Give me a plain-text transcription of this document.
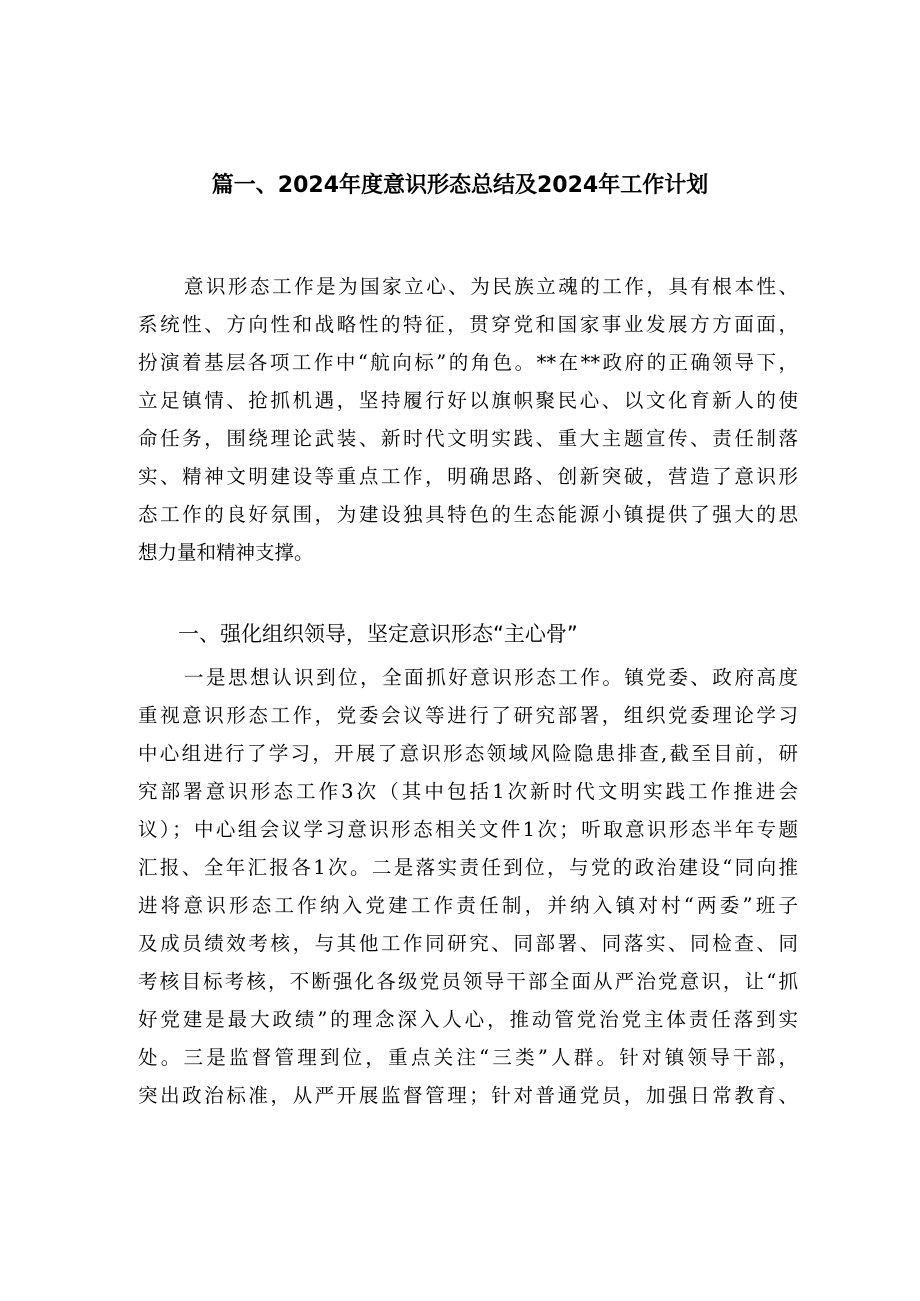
篇一、2024年度意识形态总结及2024年工作计划
意识形态工作是为国家立心、为民族立魂的工作，具有根本性、
系统性、方向性和战略性的特征，贯穿党和国家事业发展方方面面，
扮演着基层各项工作中“航向标”的角色。**在**政府的正确领导下，
立足镇情、抢抓机遇，坚持履行好以旗帜聚民心、以文化育新人的使
命任务，围绕理论武装、新时代文明实践、重大主题宣传、责任制落
实、精神文明建设等重点工作，明确思路、创新突破，营造了意识形
态工作的良好氛围，为建设独具特色的生态能源小镇提供了强大的思
想力量和精神支撑。
一、强化组织领导，坚定意识形态“主心骨”
一是思想认识到位，全面抓好意识形态工作。镇党委、政府高度
重视意识形态工作，党委会议等进行了研究部署，组织党委理论学习
中心组进行了学习，开展了意识形态领域风险隐患排查,截至目前，研
究部署意识形态工作3次（其中包括1次新时代文明实践工作推进会
议）；中心组会议学习意识形态相关文件1次；听取意识形态半年专题
汇报、全年汇报各1次。二是落实责任到位，与党的政治建设“同向推
进将意识形态工作纳入党建工作责任制，并纳入镇对村“两委”班子
及成员绩效考核，与其他工作同研究、同部署、同落实、同检查、同
考核目标考核，不断强化各级党员领导干部全面从严治党意识，让“抓
好党建是最大政绩”的理念深入人心，推动管党治党主体责任落到实
处。三是监督管理到位，重点关注“三类”人群。针对镇领导干部，
突出政治标准，从严开展监督管理；针对普通党员，加强日常教育、
